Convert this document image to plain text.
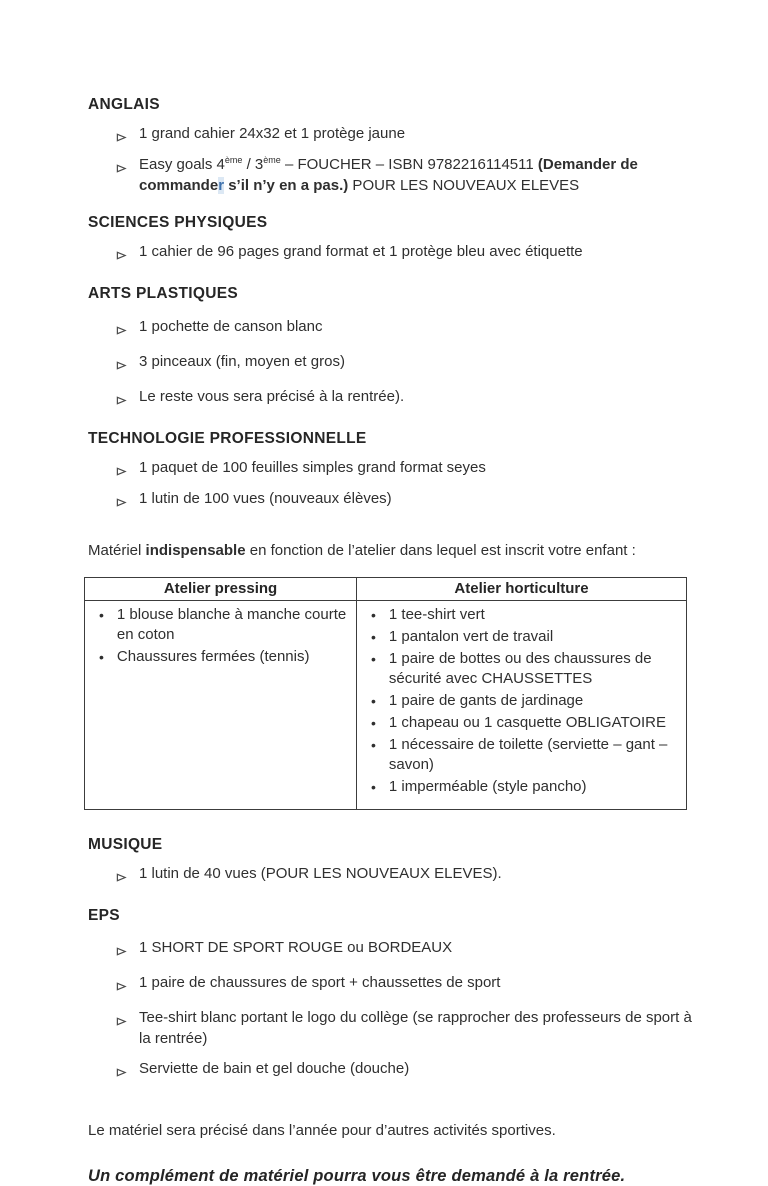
ANGLAIS
1 grand cahier 24x32 et 1 protège jaune
Easy goals 4ème / 3ème – FOUCHER – ISBN 9782216114511 (Demander de commander s’il n’y en a pas.) POUR LES NOUVEAUX ELEVES
SCIENCES PHYSIQUES
1 cahier de 96 pages grand format et 1 protège bleu avec étiquette
ARTS PLASTIQUES
1 pochette de canson blanc
3 pinceaux (fin, moyen et gros)
Le reste vous sera précisé à la rentrée).
TECHNOLOGIE PROFESSIONNELLE
1 paquet de 100 feuilles simples grand format seyes
1 lutin de 100 vues (nouveaux élèves)

Matériel indispensable en fonction de l’atelier dans lequel est inscrit votre enfant :

Atelier pressing	Atelier horticulture

• 1 blouse blanche à manche courte en coton
• Chaussures fermées (tennis)

• 1 tee-shirt vert
• 1 pantalon vert de travail
• 1 paire de bottes ou des chaussures de sécurité avec CHAUSSETTES
• 1 paire de gants de jardinage
• 1 chapeau ou 1 casquette OBLIGATOIRE
• 1 nécessaire de toilette (serviette – gant – savon)
• 1 imperméable (style pancho)
MUSIQUE
1 lutin de 40 vues (POUR LES NOUVEAUX ELEVES).
EPS
1 SHORT DE SPORT ROUGE ou BORDEAUX
1 paire de chaussures de sport + chaussettes de sport
Tee-shirt blanc portant le logo du collège (se rapprocher des professeurs de sport à la rentrée)
Serviette de bain et gel douche (douche)

Le matériel sera précisé dans l’année pour d’autres activités sportives.

Un complément de matériel pourra vous être demandé à la rentrée.
